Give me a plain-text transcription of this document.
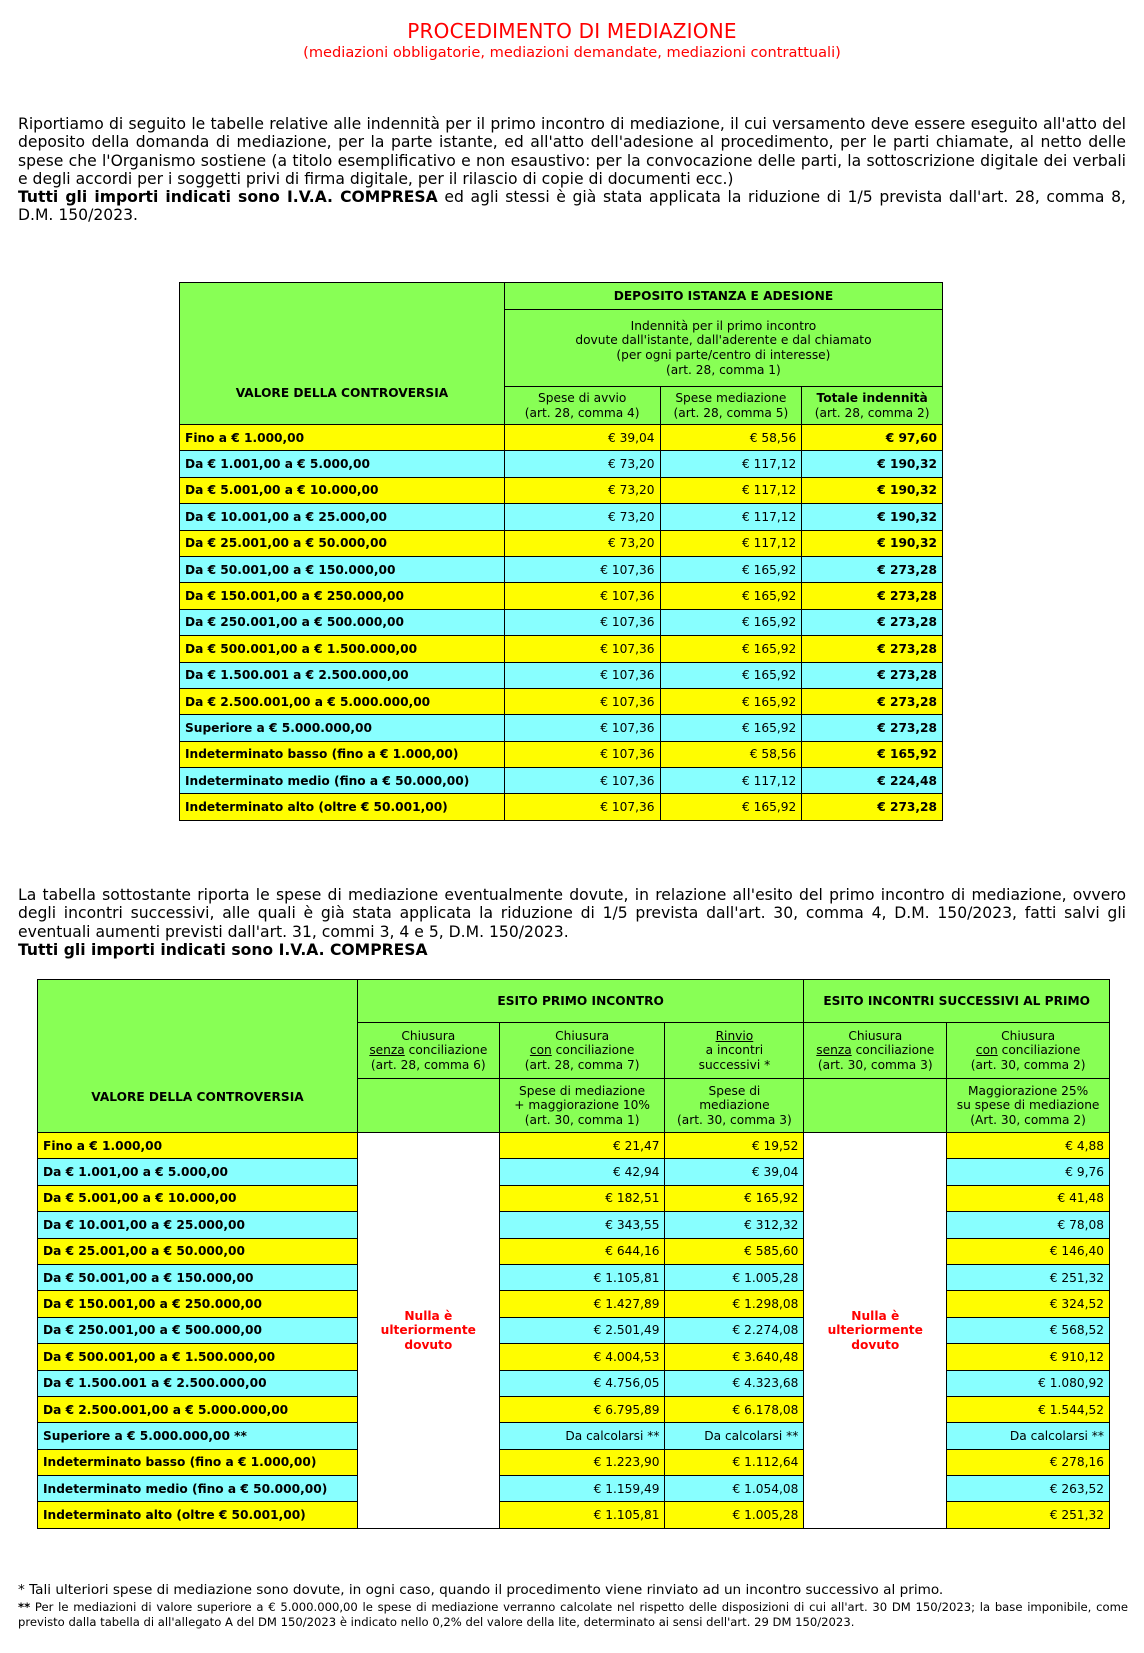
PROCEDIMENTO DI MEDIAZIONE
(mediazioni obbligatorie, mediazioni demandate, mediazioni contrattuali)
Riportiamo di seguito le tabelle relative alle indennità per il primo incontro di mediazione, il cui versamento deve essere eseguito all'atto del deposito della domanda di mediazione, per la parte istante, ed all'atto dell'adesione al procedimento, per le parti chiamate, al netto delle spese che l'Organismo sostiene (a titolo esemplificativo e non esaustivo: per la convocazione delle parti, la sottoscrizione digitale dei verbali e degli accordi per i soggetti privi di firma digitale, per il rilascio di copie di documenti ecc.)
Tutti gli importi indicati sono I.V.A. COMPRESA ed agli stessi è già stata applicata la riduzione di 1/5 prevista dall'art. 28, comma 8, D.M. 150/2023.
VALORE DELLA CONTROVERSIA	DEPOSITO ISTANZA E ADESIONE		
	Indennità per il primo incontro
dovute dall'istante, dall'aderente e dal chiamato
(per ogni parte/centro di interesse)
(art. 28, comma 1)		
	Spese di avvio
(art. 28, comma 4)	Spese mediazione
(art. 28, comma 5)	Totale indennità
(art. 28, comma 2)
Fino a € 1.000,00	€ 39,04	€ 58,56	€ 97,60
Da € 1.001,00 a € 5.000,00	€ 73,20	€ 117,12	€ 190,32
Da € 5.001,00 a € 10.000,00	€ 73,20	€ 117,12	€ 190,32
Da € 10.001,00 a € 25.000,00	€ 73,20	€ 117,12	€ 190,32
Da € 25.001,00 a € 50.000,00	€ 73,20	€ 117,12	€ 190,32
Da € 50.001,00 a € 150.000,00	€ 107,36	€ 165,92	€ 273,28
Da € 150.001,00 a € 250.000,00	€ 107,36	€ 165,92	€ 273,28
Da € 250.001,00 a € 500.000,00	€ 107,36	€ 165,92	€ 273,28
Da € 500.001,00 a € 1.500.000,00	€ 107,36	€ 165,92	€ 273,28
Da € 1.500.001 a € 2.500.000,00	€ 107,36	€ 165,92	€ 273,28
Da € 2.500.001,00 a € 5.000.000,00	€ 107,36	€ 165,92	€ 273,28
Superiore a € 5.000.000,00	€ 107,36	€ 165,92	€ 273,28
Indeterminato basso (fino a € 1.000,00)	€ 107,36	€ 58,56	€ 165,92
Indeterminato medio (fino a € 50.000,00)	€ 107,36	€ 117,12	€ 224,48
Indeterminato alto (oltre € 50.001,00)	€ 107,36	€ 165,92	€ 273,28
La tabella sottostante riporta le spese di mediazione eventualmente dovute, in relazione all'esito del primo incontro di mediazione, ovvero degli incontri successivi, alle quali è già stata applicata la riduzione di 1/5 prevista dall'art. 30, comma 4, D.M. 150/2023, fatti salvi gli eventuali aumenti previsti dall'art. 31, commi 3, 4 e 5, D.M. 150/2023.
Tutti gli importi indicati sono I.V.A. COMPRESA
VALORE DELLA CONTROVERSIA	ESITO PRIMO INCONTRO			ESITO INCONTRI SUCCESSIVI AL PRIMO	
	Chiusura
senza conciliazione
(art. 28, comma 6)	Chiusura
con conciliazione
(art. 28, comma 7)	Rinvio
a incontri
successivi *	Chiusura
senza conciliazione
(art. 30, comma 3)	Chiusura
con conciliazione
(art. 30, comma 2)
		Spese di mediazione
+ maggiorazione 10%
(art. 30, comma 1)	Spese di
mediazione
(art. 30, comma 3)		Maggiorazione 25%
su spese di mediazione
(Art. 30, comma 2)
Fino a € 1.000,00	Nulla è
ulteriormente
dovuto	€ 21,47	€ 19,52	Nulla è
ulteriormente
dovuto	€ 4,88
Da € 1.001,00 a € 5.000,00		€ 42,94	€ 39,04		€ 9,76
Da € 5.001,00 a € 10.000,00		€ 182,51	€ 165,92		€ 41,48
Da € 10.001,00 a € 25.000,00		€ 343,55	€ 312,32		€ 78,08
Da € 25.001,00 a € 50.000,00		€ 644,16	€ 585,60		€ 146,40
Da € 50.001,00 a € 150.000,00		€ 1.105,81	€ 1.005,28		€ 251,32
Da € 150.001,00 a € 250.000,00		€ 1.427,89	€ 1.298,08		€ 324,52
Da € 250.001,00 a € 500.000,00		€ 2.501,49	€ 2.274,08		€ 568,52
Da € 500.001,00 a € 1.500.000,00		€ 4.004,53	€ 3.640,48		€ 910,12
Da € 1.500.001 a € 2.500.000,00		€ 4.756,05	€ 4.323,68		€ 1.080,92
Da € 2.500.001,00 a € 5.000.000,00		€ 6.795,89	€ 6.178,08		€ 1.544,52
Superiore a € 5.000.000,00 **		Da calcolarsi **	Da calcolarsi **		Da calcolarsi **
Indeterminato basso (fino a € 1.000,00)		€ 1.223,90	€ 1.112,64		€ 278,16
Indeterminato medio (fino a € 50.000,00)		€ 1.159,49	€ 1.054,08		€ 263,52
Indeterminato alto (oltre € 50.001,00)		€ 1.105,81	€ 1.005,28		€ 251,32
* Tali ulteriori spese di mediazione sono dovute, in ogni caso, quando il procedimento viene rinviato ad un incontro successivo al primo.
** Per le mediazioni di valore superiore a € 5.000.000,00 le spese di mediazione verranno calcolate nel rispetto delle disposizioni di cui all'art. 30 DM 150/2023; la base imponibile, come previsto dalla tabella di all'allegato A del DM 150/2023 è indicato nello 0,2% del valore della lite, determinato ai sensi dell'art. 29 DM 150/2023.
